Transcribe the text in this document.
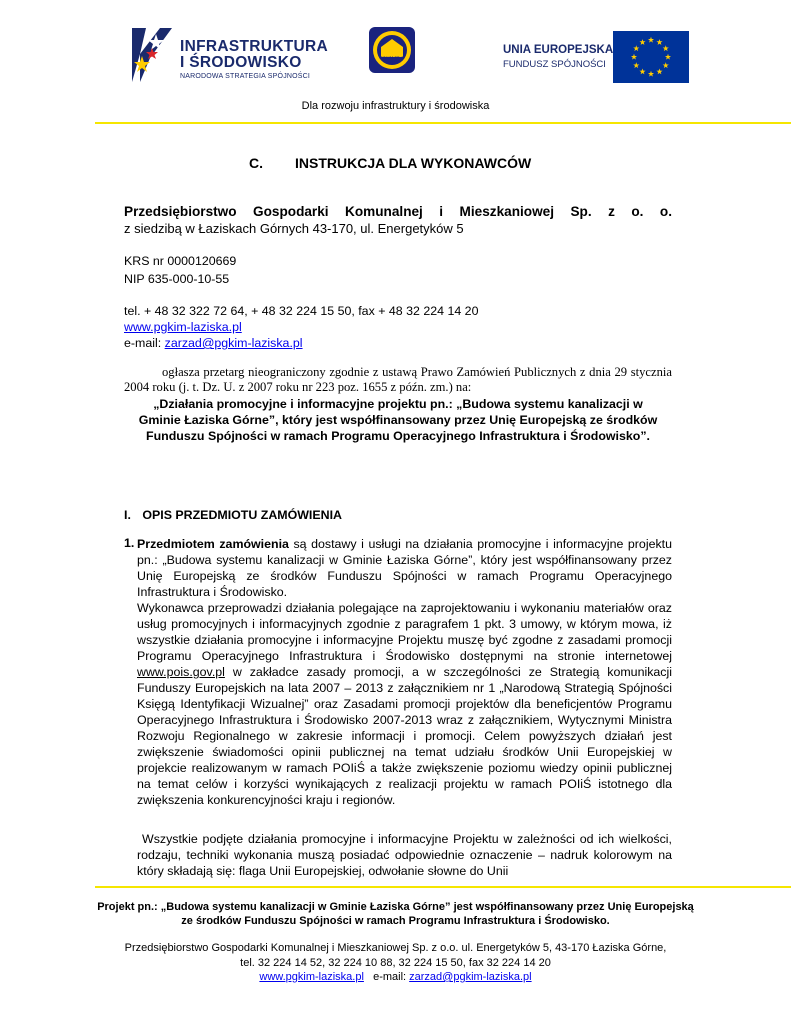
INFRASTRUKTURA
I ŚRODOWISKO
NARODOWA STRATEGIA SPÓJNOŚCI
PGKiM SP. Z O.O.
UNIA EUROPEJSKA
FUNDUSZ SPÓJNOŚCI
Dla rozwoju infrastruktury i środowiska
C. INSTRUKCJA DLA WYKONAWCÓW
Przedsiębiorstwo Gospodarki Komunalnej i Mieszkaniowej Sp. z o. o.
z siedzibą w Łaziskach Górnych 43-170, ul. Energetyków 5
KRS nr 0000120669
NIP 635-000-10-55
tel. + 48 32 322 72 64, + 48 32 224 15 50, fax + 48 32 224 14 20
www.pgkim-laziska.pl
e-mail: zarzad@pgkim-laziska.pl
ogłasza przetarg nieograniczony zgodnie z ustawą Prawo Zamówień Publicznych z dnia 29 stycznia 2004 roku (j. t. Dz. U. z 2007 roku nr 223 poz. 1655 z późn. zm.) na:
„Działania promocyjne i informacyjne projektu pn.: „Budowa systemu kanalizacji w Gminie Łaziska Górne”, który jest współfinansowany przez Unię Europejską ze środków Funduszu Spójności w ramach Programu Operacyjnego Infrastruktura i Środowisko”.
I. OPIS PRZEDMIOTU ZAMÓWIENIA
1. Przedmiotem zamówienia są dostawy i usługi na działania promocyjne i informacyjne projektu pn.: „Budowa systemu kanalizacji w Gminie Łaziska Górne”, który jest współfinansowany przez Unię Europejską ze środków Funduszu Spójności w ramach Programu Operacyjnego Infrastruktura i Środowisko.
Wykonawca przeprowadzi działania polegające na zaprojektowaniu i wykonaniu materiałów oraz usług promocyjnych i informacyjnych zgodnie z paragrafem 1 pkt. 3 umowy, w którym mowa, iż wszystkie działania promocyjne i informacyjne Projektu muszę być zgodne z zasadami promocji Programu Operacyjnego Infrastruktura i Środowisko dostępnymi na stronie internetowej www.pois.gov.pl w zakładce zasady promocji, a w szczególności ze Strategią komunikacji Funduszy Europejskich na lata 2007 – 2013 z załącznikiem nr 1 „Narodową Strategią Spójności Księgą Identyfikacji Wizualnej” oraz Zasadami promocji projektów dla beneficjentów Programu Operacyjnego Infrastruktura i Środowisko 2007-2013 wraz z załącznikiem, Wytycznymi Ministra Rozwoju Regionalnego w zakresie informacji i promocji. Celem powyższych działań jest zwiększenie świadomości opinii publicznej na temat udziału środków Unii Europejskiej w projekcie realizowanym w ramach POIiŚ a także zwiększenie poziomu wiedzy opinii publicznej na temat celów i korzyści wynikających z realizacji projektu w ramach POIiŚ istotnego dla zwiększenia konkurencyjności kraju i regionów.
Wszystkie podjęte działania promocyjne i informacyjne Projektu w zależności od ich wielkości, rodzaju, techniki wykonania muszą posiadać odpowiednie oznaczenie – nadruk kolorowym na który składają się: flaga Unii Europejskiej, odwołanie słowne do Unii
Projekt pn.: „Budowa systemu kanalizacji w Gminie Łaziska Górne” jest współfinansowany przez Unię Europejską
ze środków Funduszu Spójności w ramach Programu Infrastruktura i Środowisko.
Przedsiębiorstwo Gospodarki Komunalnej i Mieszkaniowej Sp. z o.o. ul. Energetyków 5, 43-170 Łaziska Górne,
tel. 32 224 14 52, 32 224 10 88, 32 224 15 50, fax 32 224 14 20
www.pgkim-laziska.pl   e-mail: zarzad@pgkim-laziska.pl
